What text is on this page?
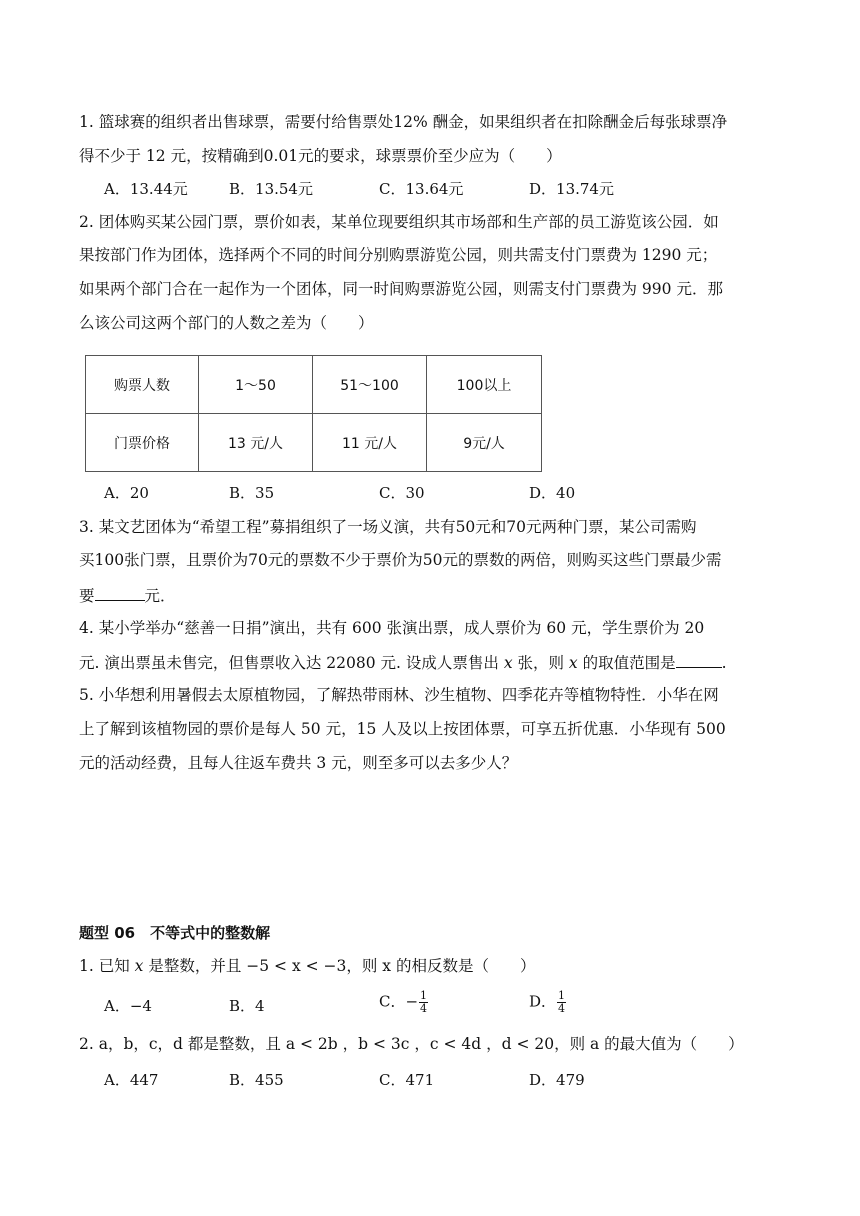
1. 篮球赛的组织者出售球票，需要付给售票处12% 酬金，如果组织者在扣除酬金后每张球票净
得不少于 12 元，按精确到0.01元的要求，球票票价至少应为（　　）
A．13.44元	B．13.54元	C．13.64元	D．13.74元
2. 团体购买某公园门票，票价如表，某单位现要组织其市场部和生产部的员工游览该公园．如
果按部门作为团体，选择两个不同的时间分别购票游览公园，则共需支付门票费为 1290 元；
如果两个部门合在一起作为一个团体，同一时间购票游览公园，则需支付门票费为 990 元．那
么该公司这两个部门的人数之差为（　　）
购票人数	1～50	51～100	100以上
门票价格	13 元/人	11 元/人	9元/人
A．20	B．35	C．30	D．40
3. 某文艺团体为“希望工程”募捐组织了一场义演，共有50元和70元两种门票，某公司需购
买100张门票，且票价为70元的票数不少于票价为50元的票数的两倍，则购买这些门票最少需
要	元．
4. 某小学举办“慈善一日捐”演出，共有 600 张演出票，成人票价为 60 元，学生票价为 20
元. 演出票虽未售完，但售票收入达 22080 元. 设成人票售出 x 张，则 x 的取值范围是	.
5. 小华想利用暑假去太原植物园，了解热带雨林、沙生植物、四季花卉等植物特性．小华在网
上了解到该植物园的票价是每人 50 元，15 人及以上按团体票，可享五折优惠．小华现有 500
元的活动经费，且每人往返车费共 3 元，则至多可以去多少人？
题型 06　不等式中的整数解
1. 已知 x 是整数，并且 −5 < x < −3，则 x 的相反数是（　　）
A．−4	B．4	C．− $\frac{1}{4}$	D． $\frac{1}{4}$
2. a，b，c，d 都是整数，且 a < 2b ，b < 3c ，c < 4d ，d < 20，则 a 的最大值为（　　）
A．447	B．455	C．471	D．479
